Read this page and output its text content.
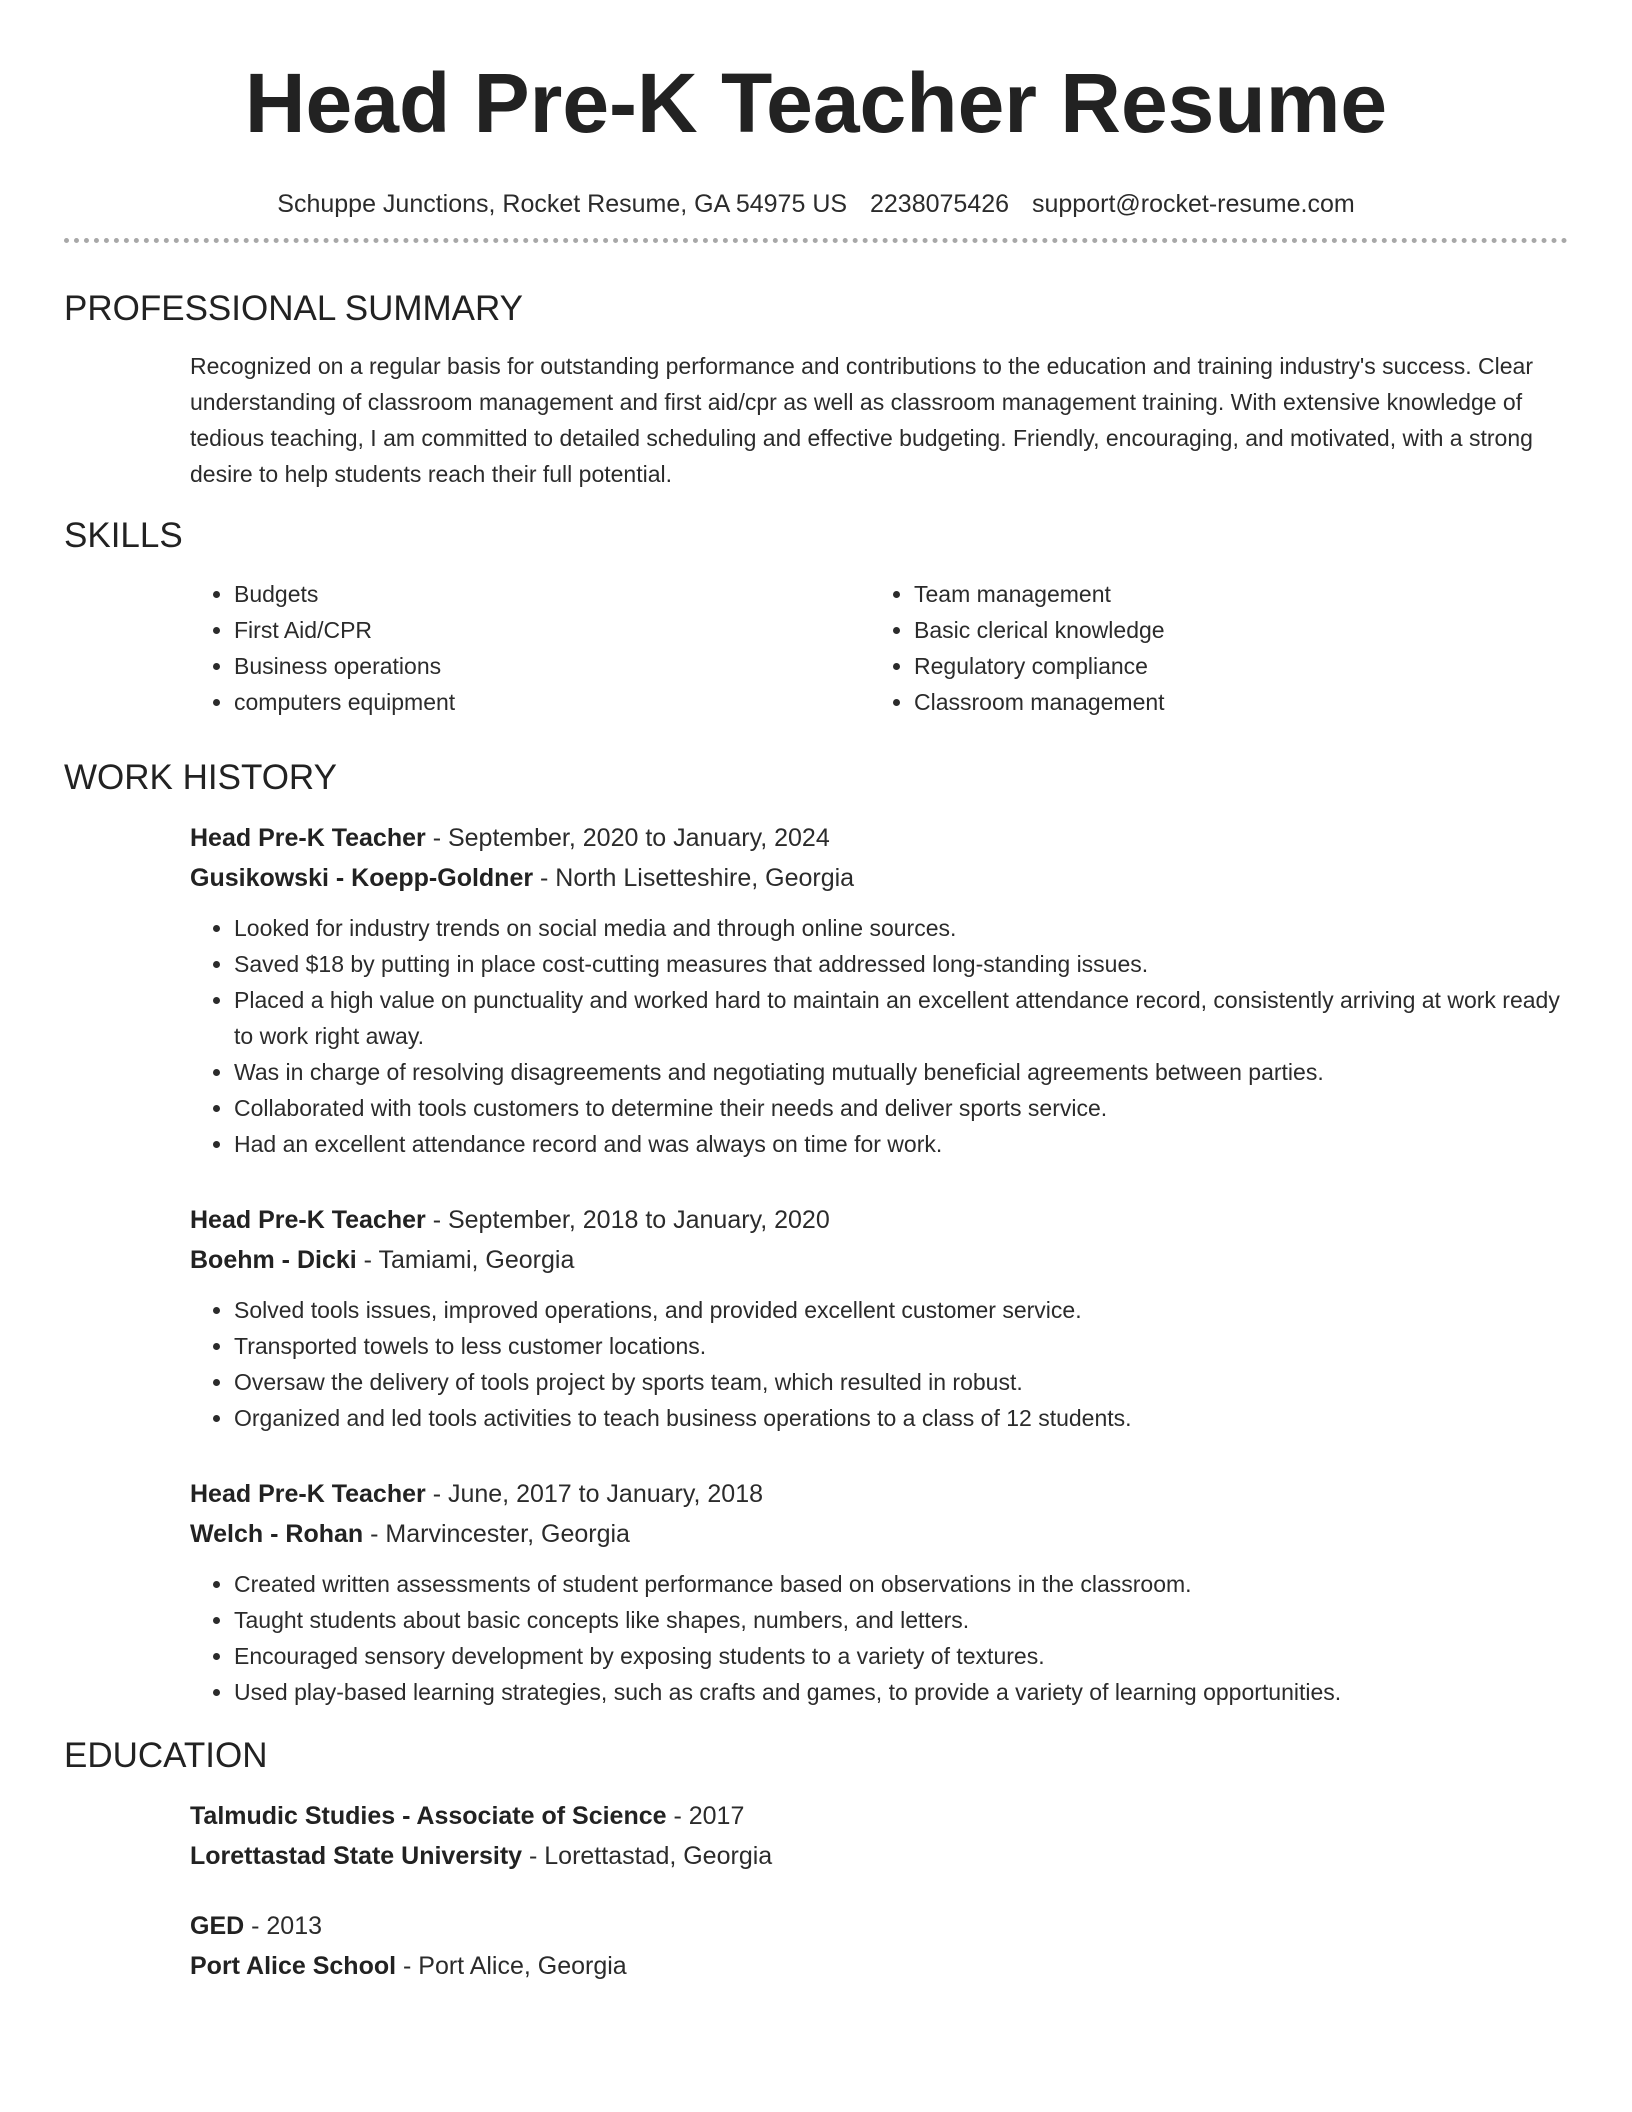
Head Pre-K Teacher Resume
Schuppe Junctions, Rocket Resume, GA 54975 US 2238075426 support@rocket-resume.com
PROFESSIONAL SUMMARY
Recognized on a regular basis for outstanding performance and contributions to the education and training industry's success. Clear understanding of classroom management and first aid/cpr as well as classroom management training. With extensive knowledge of tedious teaching, I am committed to detailed scheduling and effective budgeting. Friendly, encouraging, and motivated, with a strong desire to help students reach their full potential.
SKILLS
• Budgets
• First Aid/CPR
• Business operations
• computers equipment
• Team management
• Basic clerical knowledge
• Regulatory compliance
• Classroom management
WORK HISTORY
Head Pre-K Teacher - September, 2020 to January, 2024
Gusikowski - Koepp-Goldner - North Lisetteshire, Georgia
• Looked for industry trends on social media and through online sources.
• Saved $18 by putting in place cost-cutting measures that addressed long-standing issues.
• Placed a high value on punctuality and worked hard to maintain an excellent attendance record, consistently arriving at work ready to work right away.
• Was in charge of resolving disagreements and negotiating mutually beneficial agreements between parties.
• Collaborated with tools customers to determine their needs and deliver sports service.
• Had an excellent attendance record and was always on time for work.
Head Pre-K Teacher - September, 2018 to January, 2020
Boehm - Dicki - Tamiami, Georgia
• Solved tools issues, improved operations, and provided excellent customer service.
• Transported towels to less customer locations.
• Oversaw the delivery of tools project by sports team, which resulted in robust.
• Organized and led tools activities to teach business operations to a class of 12 students.
Head Pre-K Teacher - June, 2017 to January, 2018
Welch - Rohan - Marvincester, Georgia
• Created written assessments of student performance based on observations in the classroom.
• Taught students about basic concepts like shapes, numbers, and letters.
• Encouraged sensory development by exposing students to a variety of textures.
• Used play-based learning strategies, such as crafts and games, to provide a variety of learning opportunities.
EDUCATION
Talmudic Studies - Associate of Science - 2017
Lorettastad State University - Lorettastad, Georgia
GED - 2013
Port Alice School - Port Alice, Georgia
